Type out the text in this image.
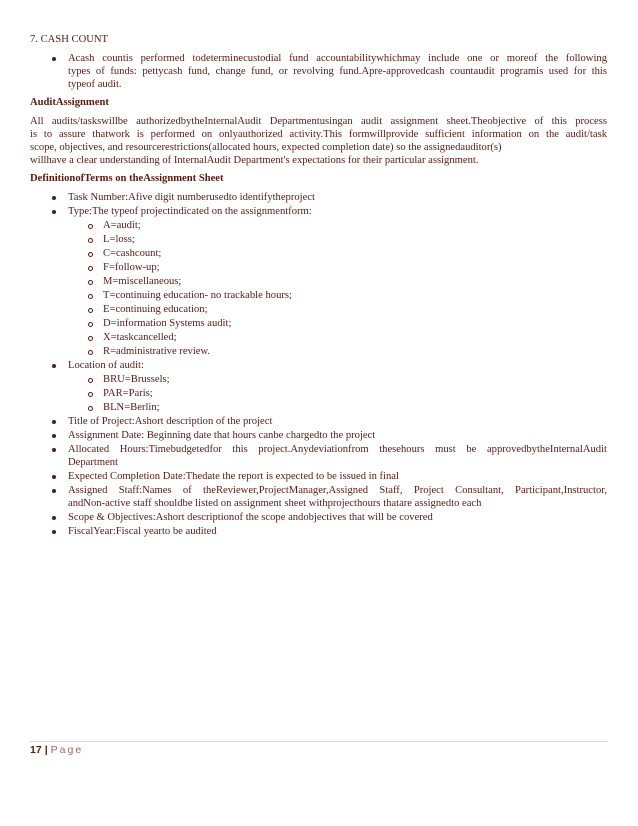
7. CASH COUNT
Acash countis performed todeterminecustodial fund accountabilitywhichmay include one or moreof the following
types of funds: pettycash fund, change fund, or revolving fund.Apre-approvedcash countaudit programis used for this
typeof audit.
AuditAssignment
All audits/taskswillbe authorizedbytheInternalAudit Departmentusingan audit assignment sheet.Theobjective of this process
is to assure thatwork is performed on onlyauthorized activity.This formwillprovide sufficient information on the audit/task
scope, objectives, and resourcerestrictions(allocated hours, expected completion date) so the assignedauditor(s)
willhave a clear understanding of InternalAudit Department's expectations for their particular assignment.
DefinitionofTerms on theAssignment Sheet
Task Number:Afive digit numberusedto identifytheproject
Type:The typeof projectindicated on the assignmentform:
A=audit;
L=loss;
C=cashcount;
F=follow-up;
M=miscellaneous;
T=continuing education- no trackable hours;
E=continuing education;
D=information Systems audit;
X=taskcancelled;
R=administrative review.
Location of audit:
BRU=Brussels;
PAR=Paris;
BLN=Berlin;
Title of Project:Ashort description of the project
Assignment Date: Beginning date that hours canbe chargedto the project
Allocated Hours:Timebudgetedfor this project.Anydeviationfrom thesehours must be approvedbytheInternalAudit
Department
Expected Completion Date:Thedate the report is expected to be issued in final
Assigned Staff:Names of theReviewer,ProjectManager,Assigned Staff, Project Consultant, Participant,Instructor,
andNon-active staff shouldbe listed on assignment sheet withprojecthours thatare assignedto each
Scope & Objectives:Ashort descriptionof the scope andobjectives that will be covered
FiscalYear:Fiscal yearto be audited
17 | Page
